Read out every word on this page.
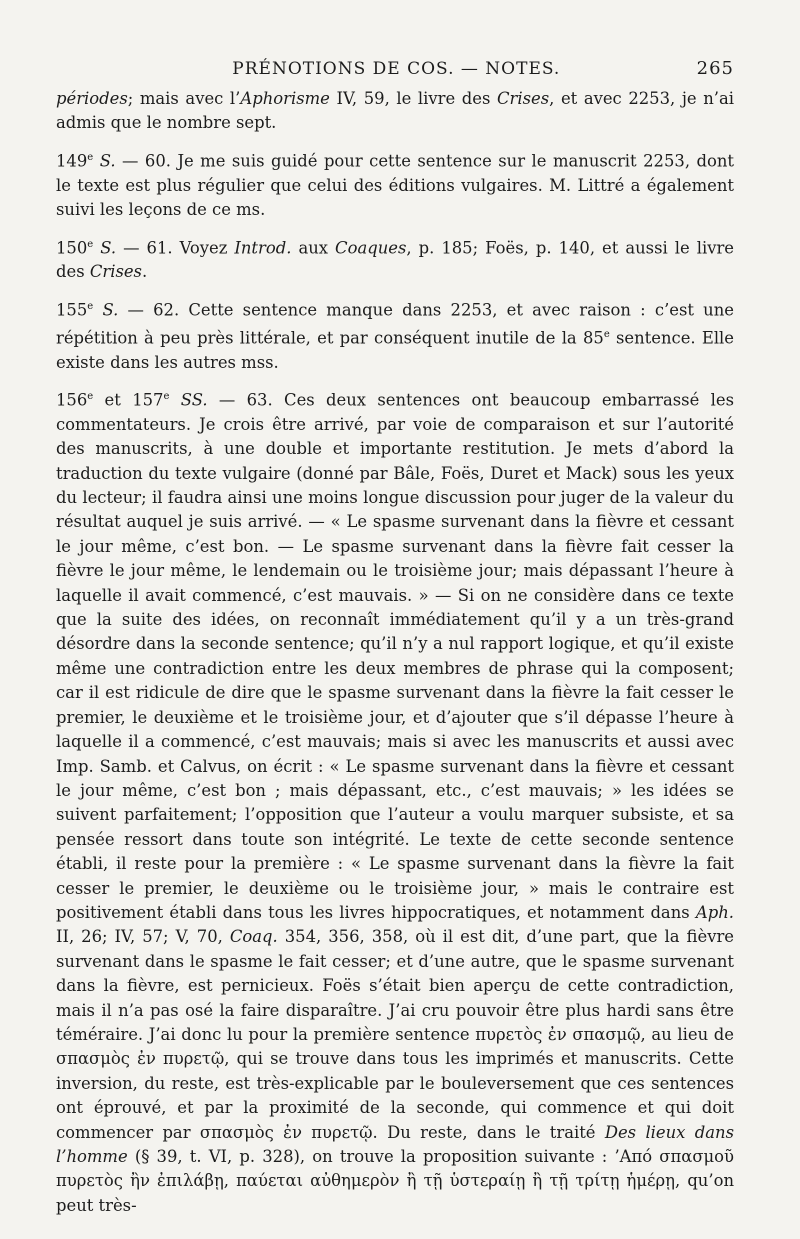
PRÉNOTIONS DE COS. — NOTES.	265

périodes; mais avec l’Aphorisme IV, 59, le livre des Crises, et avec 2253, je n’ai admis que le nombre sept.

149e S. — 60. Je me suis guidé pour cette sentence sur le manuscrit 2253, dont le texte est plus régulier que celui des éditions vulgaires. M. Littré a également suivi les leçons de ce ms.

150e S. — 61. Voyez Introd. aux Coaques, p. 185; Foës, p. 140, et aussi le livre des Crises.

155e S. — 62. Cette sentence manque dans 2253, et avec raison : c’est une répétition à peu près littérale, et par conséquent inutile de la 85e sentence. Elle existe dans les autres mss.

156e et 157e SS. — 63. Ces deux sentences ont beaucoup embarrassé les commentateurs. Je crois être arrivé, par voie de comparaison et sur l’autorité des manuscrits, à une double et importante restitution. Je mets d’abord la traduction du texte vulgaire (donné par Bâle, Foës, Duret et Mack) sous les yeux du lecteur; il faudra ainsi une moins longue discussion pour juger de la valeur du résultat auquel je suis arrivé. — « Le spasme survenant dans la fièvre et cessant le jour même, c’est bon. — Le spasme survenant dans la fièvre fait cesser la fièvre le jour même, le lendemain ou le troisième jour; mais dépassant l’heure à laquelle il avait commencé, c’est mauvais. » — Si on ne considère dans ce texte que la suite des idées, on reconnaît immédiatement qu’il y a un très-grand désordre dans la seconde sentence; qu’il n’y a nul rapport logique, et qu’il existe même une contradiction entre les deux membres de phrase qui la composent; car il est ridicule de dire que le spasme survenant dans la fièvre la fait cesser le premier, le deuxième et le troisième jour, et d’ajouter que s’il dépasse l’heure à laquelle il a commencé, c’est mauvais; mais si avec les manuscrits et aussi avec Imp. Samb. et Calvus, on écrit : « Le spasme survenant dans la fièvre et cessant le jour même, c’est bon ; mais dépassant, etc., c’est mauvais; » les idées se suivent parfaitement; l’opposition que l’auteur a voulu marquer subsiste, et sa pensée ressort dans toute son intégrité. Le texte de cette seconde sentence établi, il reste pour la première : « Le spasme survenant dans la fièvre la fait cesser le premier, le deuxième ou le troisième jour, » mais le contraire est positivement établi dans tous les livres hippocratiques, et notamment dans Aph. II, 26; IV, 57; V, 70, Coaq. 354, 356, 358, où il est dit, d’une part, que la fièvre survenant dans le spasme le fait cesser; et d’une autre, que le spasme survenant dans la fièvre, est pernicieux. Foës s’était bien aperçu de cette contradiction, mais il n’a pas osé la faire disparaître. J’ai cru pouvoir être plus hardi sans être téméraire. J’ai donc lu pour la première sentence πυρετὸς ἐν σπασμῷ, au lieu de σπασμὸς ἐν πυρετῷ, qui se trouve dans tous les imprimés et manuscrits. Cette inversion, du reste, est très-explicable par le bouleversement que ces sentences ont éprouvé, et par la proximité de la seconde, qui commence et qui doit commencer par σπασμὸς ἐν πυρετῷ. Du reste, dans le traité Des lieux dans l’homme (§ 39, t. VI, p. 328), on trouve la proposition suivante : ’Από σπασμοῦ πυρετὸς ἢν ἐπιλάβῃ, παύεται αὐθημερὸν ἢ τῇ ὑστεραίῃ ἢ τῇ τρίτῃ ἡμέρῃ, qu’on peut très-
